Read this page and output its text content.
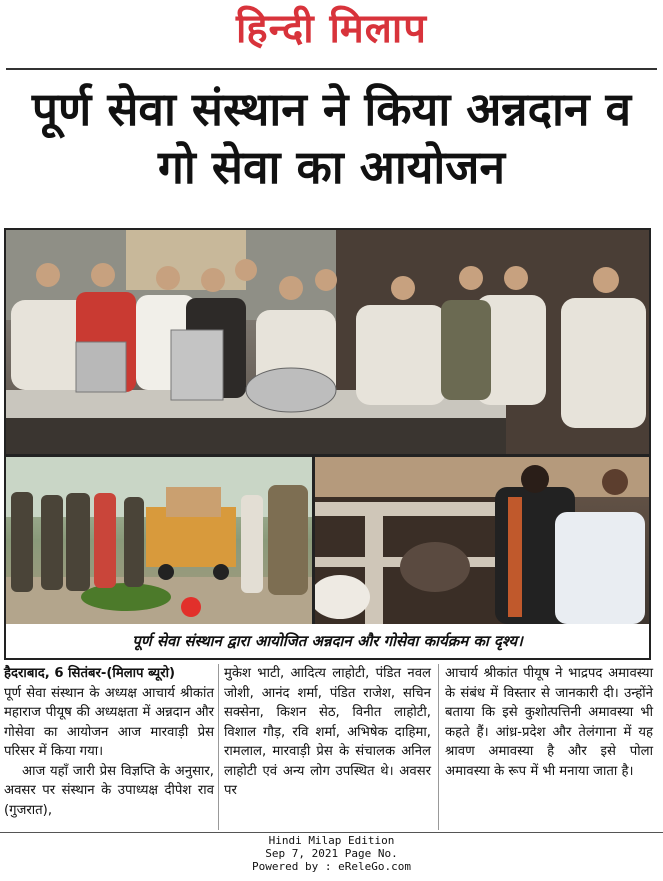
हिन्दी मिलाप
पूर्ण सेवा संस्थान ने किया अन्नदान व
गो सेवा का आयोजन
पूर्ण सेवा संस्थान द्वारा आयोजित अन्नदान और गोसेवा कार्यक्रम का दृश्य।
हैदराबाद, 6 सितंबर-(मिलाप ब्यूरो)
पूर्ण सेवा संस्थान के अध्यक्ष आचार्य श्रीकांत महाराज पीयूष की अध्यक्षता में अन्नदान और गोसेवा का आयोजन आज मारवाड़ी प्रेस परिसर में किया गया।
आज यहाँ जारी प्रेस विज्ञप्ति के अनुसार, अवसर पर संस्थान के उपाध्यक्ष दीपेश राव (गुजरात),
मुकेश भाटी, आदित्य लाहोटी, पंडित नवल जोशी, आनंद शर्मा, पंडित राजेश, सचिन सक्सेना, किशन सेठ, विनीत लाहोटी, विशाल गौड़, रवि शर्मा, अभिषेक दाहिमा, रामलाल, मारवाड़ी प्रेस के संचालक अनिल लाहोटी एवं अन्य लोग उपस्थित थे। अवसर पर
आचार्य श्रीकांत पीयूष ने भाद्रपद अमावस्या के संबंध में विस्तार से जानकारी दी। उन्होंने बताया कि इसे कुशोत्पत्तिनी अमावस्या भी कहते हैं। आंध्र-प्रदेश और तेलंगाना में यह श्रावण अमावस्या है और इसे पोला अमावस्या के रूप में भी मनाया जाता है।
Hindi Milap Edition
Sep 7, 2021 Page No.
Powered by : eReleGo.com
